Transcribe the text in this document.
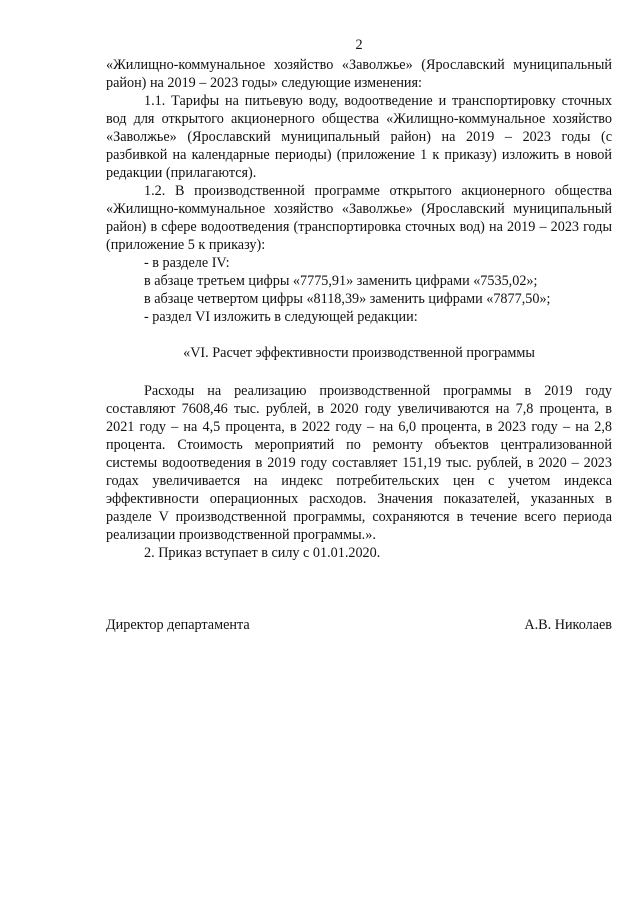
2

«Жилищно-коммунальное хозяйство «Заволжье» (Ярославский муниципальный район) на 2019 – 2023 годы» следующие изменения:

1.1. Тарифы на питьевую воду, водоотведение и транспортировку сточных вод для открытого акционерного общества «Жилищно-коммунальное хозяйство «Заволжье» (Ярославский муниципальный район) на 2019 – 2023 годы (с разбивкой на календарные периоды) (приложение 1 к приказу) изложить в новой редакции (прилагаются).

1.2. В производственной программе открытого акционерного общества «Жилищно-коммунальное хозяйство «Заволжье» (Ярославский муниципальный район) в сфере водоотведения (транспортировка сточных вод) на 2019 – 2023 годы (приложение 5 к приказу):

- в разделе IV:

в абзаце третьем цифры «7775,91» заменить цифрами «7535,02»;

в абзаце четвертом цифры «8118,39» заменить цифрами «7877,50»;

- раздел VI изложить в следующей редакции:

«VI. Расчет эффективности производственной программы

Расходы на реализацию производственной программы в 2019 году составляют 7608,46 тыс. рублей, в 2020 году увеличиваются на 7,8 процента, в 2021 году – на 4,5 процента, в 2022 году – на 6,0 процента, в 2023 году – на 2,8 процента. Стоимость мероприятий по ремонту объектов централизованной системы водоотведения в 2019 году составляет 151,19 тыс. рублей, в 2020 – 2023 годах увеличивается на индекс потребительских цен с учетом индекса эффективности операционных расходов. Значения показателей, указанных в разделе V производственной программы, сохраняются в течение всего периода реализации производственной программы.».

2. Приказ вступает в силу с 01.01.2020.

Директор департамента	А.В. Николаев
